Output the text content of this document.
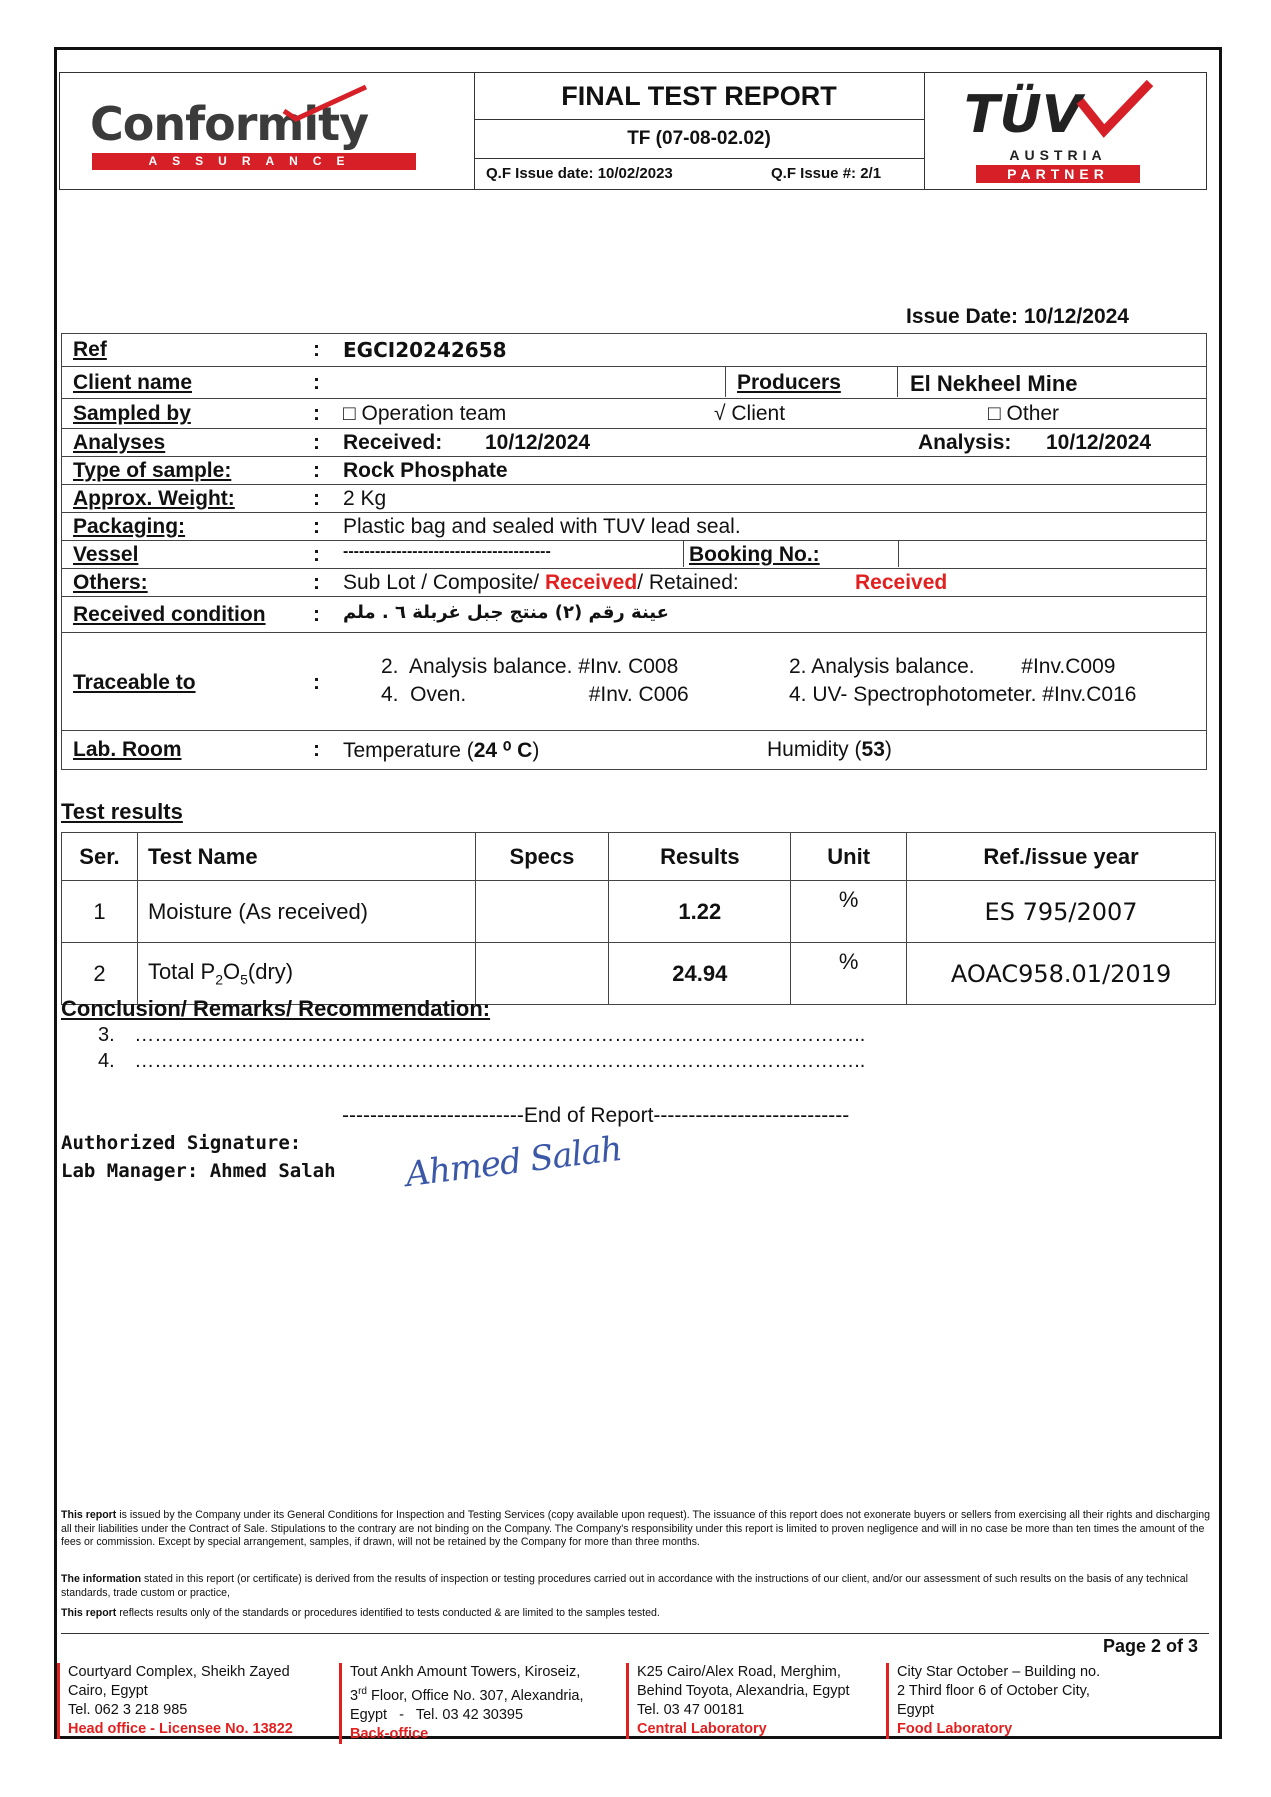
Conformity
ASSURANCE
FINAL TEST REPORT
TF (07-08-02.02)
Q.F Issue date: 10/02/2023	Q.F Issue #: 2/1
TÜV
AUSTRIA
PARTNER
Issue Date: 10/12/2024
Ref	: EGCI20242658
Client name	:	Producers	El Nekheel Mine
Sampled by	: □ Operation team	√ Client	□ Other
Analyses	: Received: 10/12/2024	Analysis: 10/12/2024
Type of sample:	: Rock Phosphate
Approx. Weight:	: 2 Kg
Packaging:	: Plastic bag and sealed with TUV lead seal.
Vessel	: ---------------------------------------	Booking No.:
Others:	: Sub Lot / Composite/ Received/ Retained:	Received
Received condition : عينة رقم (٢) منتج جبل غربلة ٦ . ملم
Traceable to	:
2.  Analysis balance. #Inv. C008	2. Analysis balance.        #Inv.C009
4.  Oven.                     #Inv. C006	4. UV- Spectrophotometer. #Inv.C016
Lab. Room	: Temperature (24 ⁰ C)	Humidity (53)
Test results
Ser.	Test Name	Specs	Results	Unit	Ref./issue year
1	Moisture (As received)		1.22	%	ES 795/2007
2	Total $P_2O_5(dry)$		24.94	%	AOAC958.01/2019
Conclusion/ Remarks/ Recommendation:
3. ………………………………………………………………………………………………..
4. ………………………………………………………………………………………………..
--------------------------End of Report----------------------------
Authorized Signature:
Lab Manager: Ahmed Salah Ahmed Salah
This report is issued by the Company under its General Conditions for Inspection and Testing Services (copy available upon request). The issuance of this report does not exonerate buyers or sellers from exercising all their rights and discharging all their liabilities under the Contract of Sale. Stipulations to the contrary are not binding on the Company. The Company's responsibility under this report is limited to proven negligence and will in no case be more than ten times the amount of the fees or commission. Except by special arrangement, samples, if drawn, will not be retained by the Company for more than three months.
The information stated in this report (or certificate) is derived from the results of inspection or testing procedures carried out in accordance with the instructions of our client, and/or our assessment of such results on the basis of any technical standards, trade custom or practice,
This report reflects results only of the standards or procedures identified to tests conducted & are limited to the samples tested.
Page 2 of 3
Courtyard Complex, Sheikh Zayed
Cairo, Egypt
Tel. 062 3 218 985
Head office - Licensee No. 13822
Tout Ankh Amount Towers, Kiroseiz,
3rd Floor, Office No. 307, Alexandria,
Egypt   -   Tel. 03 42 30395
Back-office
K25 Cairo/Alex Road, Merghim,
Behind Toyota, Alexandria, Egypt
Tel. 03 47 00181
Central Laboratory
City Star October – Building no.
2 Third floor 6 of October City,
Egypt
Food Laboratory
